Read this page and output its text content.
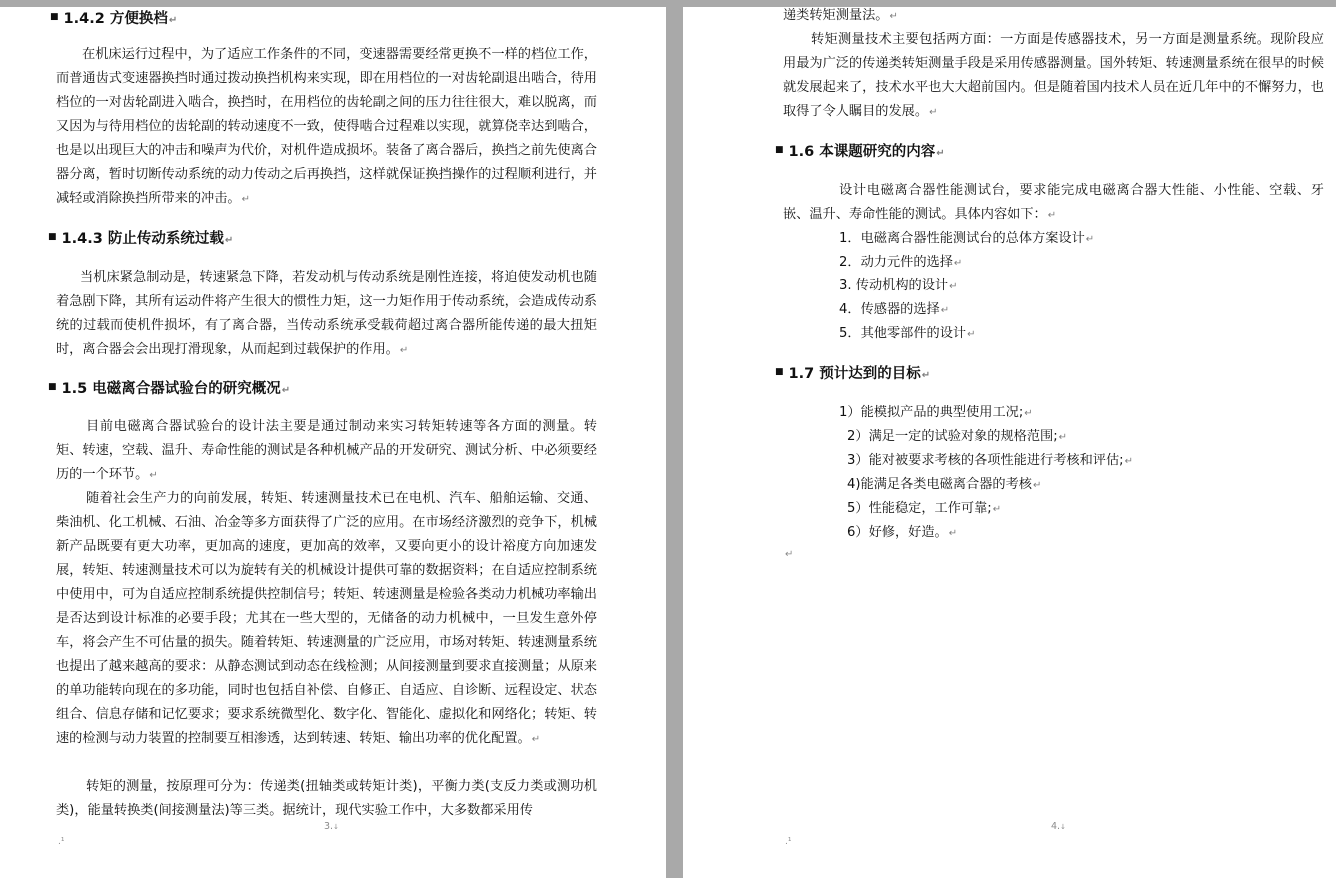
■ 1.4.2 方便换档↵
在机床运行过程中，为了适应工作条件的不同，变速器需要经常更换不一样的档位工作，而普通齿式变速器换挡时通过拨动换挡机构来实现，即在用档位的一对齿轮副退出啮合，待用档位的一对齿轮副进入啮合，换挡时，在用档位的齿轮副之间的压力往往很大，难以脱离，而又因为与待用档位的齿轮副的转动速度不一致，使得啮合过程难以实现，就算侥幸达到啮合，也是以出现巨大的冲击和噪声为代价，对机件造成损坏。装备了离合器后，换挡之前先使离合器分离，暂时切断传动系统的动力传动之后再换挡，这样就保证换挡操作的过程顺利进行，并减轻或消除换挡所带来的冲击。↵
■ 1.4.3 防止传动系统过载↵
当机床紧急制动是，转速紧急下降，若发动机与传动系统是刚性连接，将迫使发动机也随着急剧下降，其所有运动件将产生很大的惯性力矩，这一力矩作用于传动系统，会造成传动系统的过载而使机件损坏，有了离合器，当传动系统承受载荷超过离合器所能传递的最大扭矩时，离合器会会出现打滑现象，从而起到过载保护的作用。↵
■ 1.5 电磁离合器试验台的研究概况↵
目前电磁离合器试验台的设计法主要是通过制动来实习转矩转速等各方面的测量。转矩、转速，空载、温升、寿命性能的测试是各种机械产品的开发研究、测试分析、中必须要经历的一个环节。↵
随着社会生产力的向前发展，转矩、转速测量技术已在电机、汽车、船舶运输、交通、柴油机、化工机械、石油、冶金等多方面获得了广泛的应用。在市场经济激烈的竞争下，机械新产品既要有更大功率，更加高的速度，更加高的效率，又要向更小的设计裕度方向加速发展，转矩、转速测量技术可以为旋转有关的机械设计提供可靠的数据资料；在自适应控制系统中使用中，可为自适应控制系统提供控制信号；转矩、转速测量是检验各类动力机械功率输出是否达到设计标准的必要手段；尤其在一些大型的，无储备的动力机械中，一旦发生意外停车，将会产生不可估量的损失。随着转矩、转速测量的广泛应用，市场对转矩、转速测量系统也提出了越来越高的要求：从静态测试到动态在线检测；从间接测量到要求直接测量；从原来的单功能转向现在的多功能，同时也包括自补偿、自修正、自适应、自诊断、远程设定、状态组合、信息存储和记忆要求；要求系统微型化、数字化、智能化、虚拟化和网络化；转矩、转速的检测与动力装置的控制要互相渗透，达到转速、转矩、输出功率的优化配置。↵
转矩的测量，按原理可分为：传递类(扭轴类或转矩计类)，平衡力类(支反力类或测功机类)，能量转换类(间接测量法)等三类。据统计，现代实验工作中，大多数都采用传
3.↓
.¹
递类转矩测量法。↵
转矩测量技术主要包括两方面：一方面是传感器技术，另一方面是测量系统。现阶段应用最为广泛的传递类转矩测量手段是采用传感器测量。国外转矩、转速测量系统在很早的时候就发展起来了，技术水平也大大超前国内。但是随着国内技术人员在近几年中的不懈努力，也取得了令人瞩目的发展。↵
■ 1.6 本课题研究的内容↵
设计电磁离合器性能测试台，要求能完成电磁离合器大性能、小性能、空载、牙嵌、温升、寿命性能的测试。具体内容如下：↵
1．电磁离合器性能测试台的总体方案设计↵
2．动力元件的选择↵
3. 传动机构的设计↵
4．传感器的选择↵
5．其他零部件的设计↵
■ 1.7 预计达到的目标↵
1）能模拟产品的典型使用工况;↵
2）满足一定的试验对象的规格范围;↵
3）能对被要求考核的各项性能进行考核和评估;↵
4)能满足各类电磁离合器的考核↵
5）性能稳定，工作可靠;↵
6）好修，好造。↵
↵
4.↓
.¹
